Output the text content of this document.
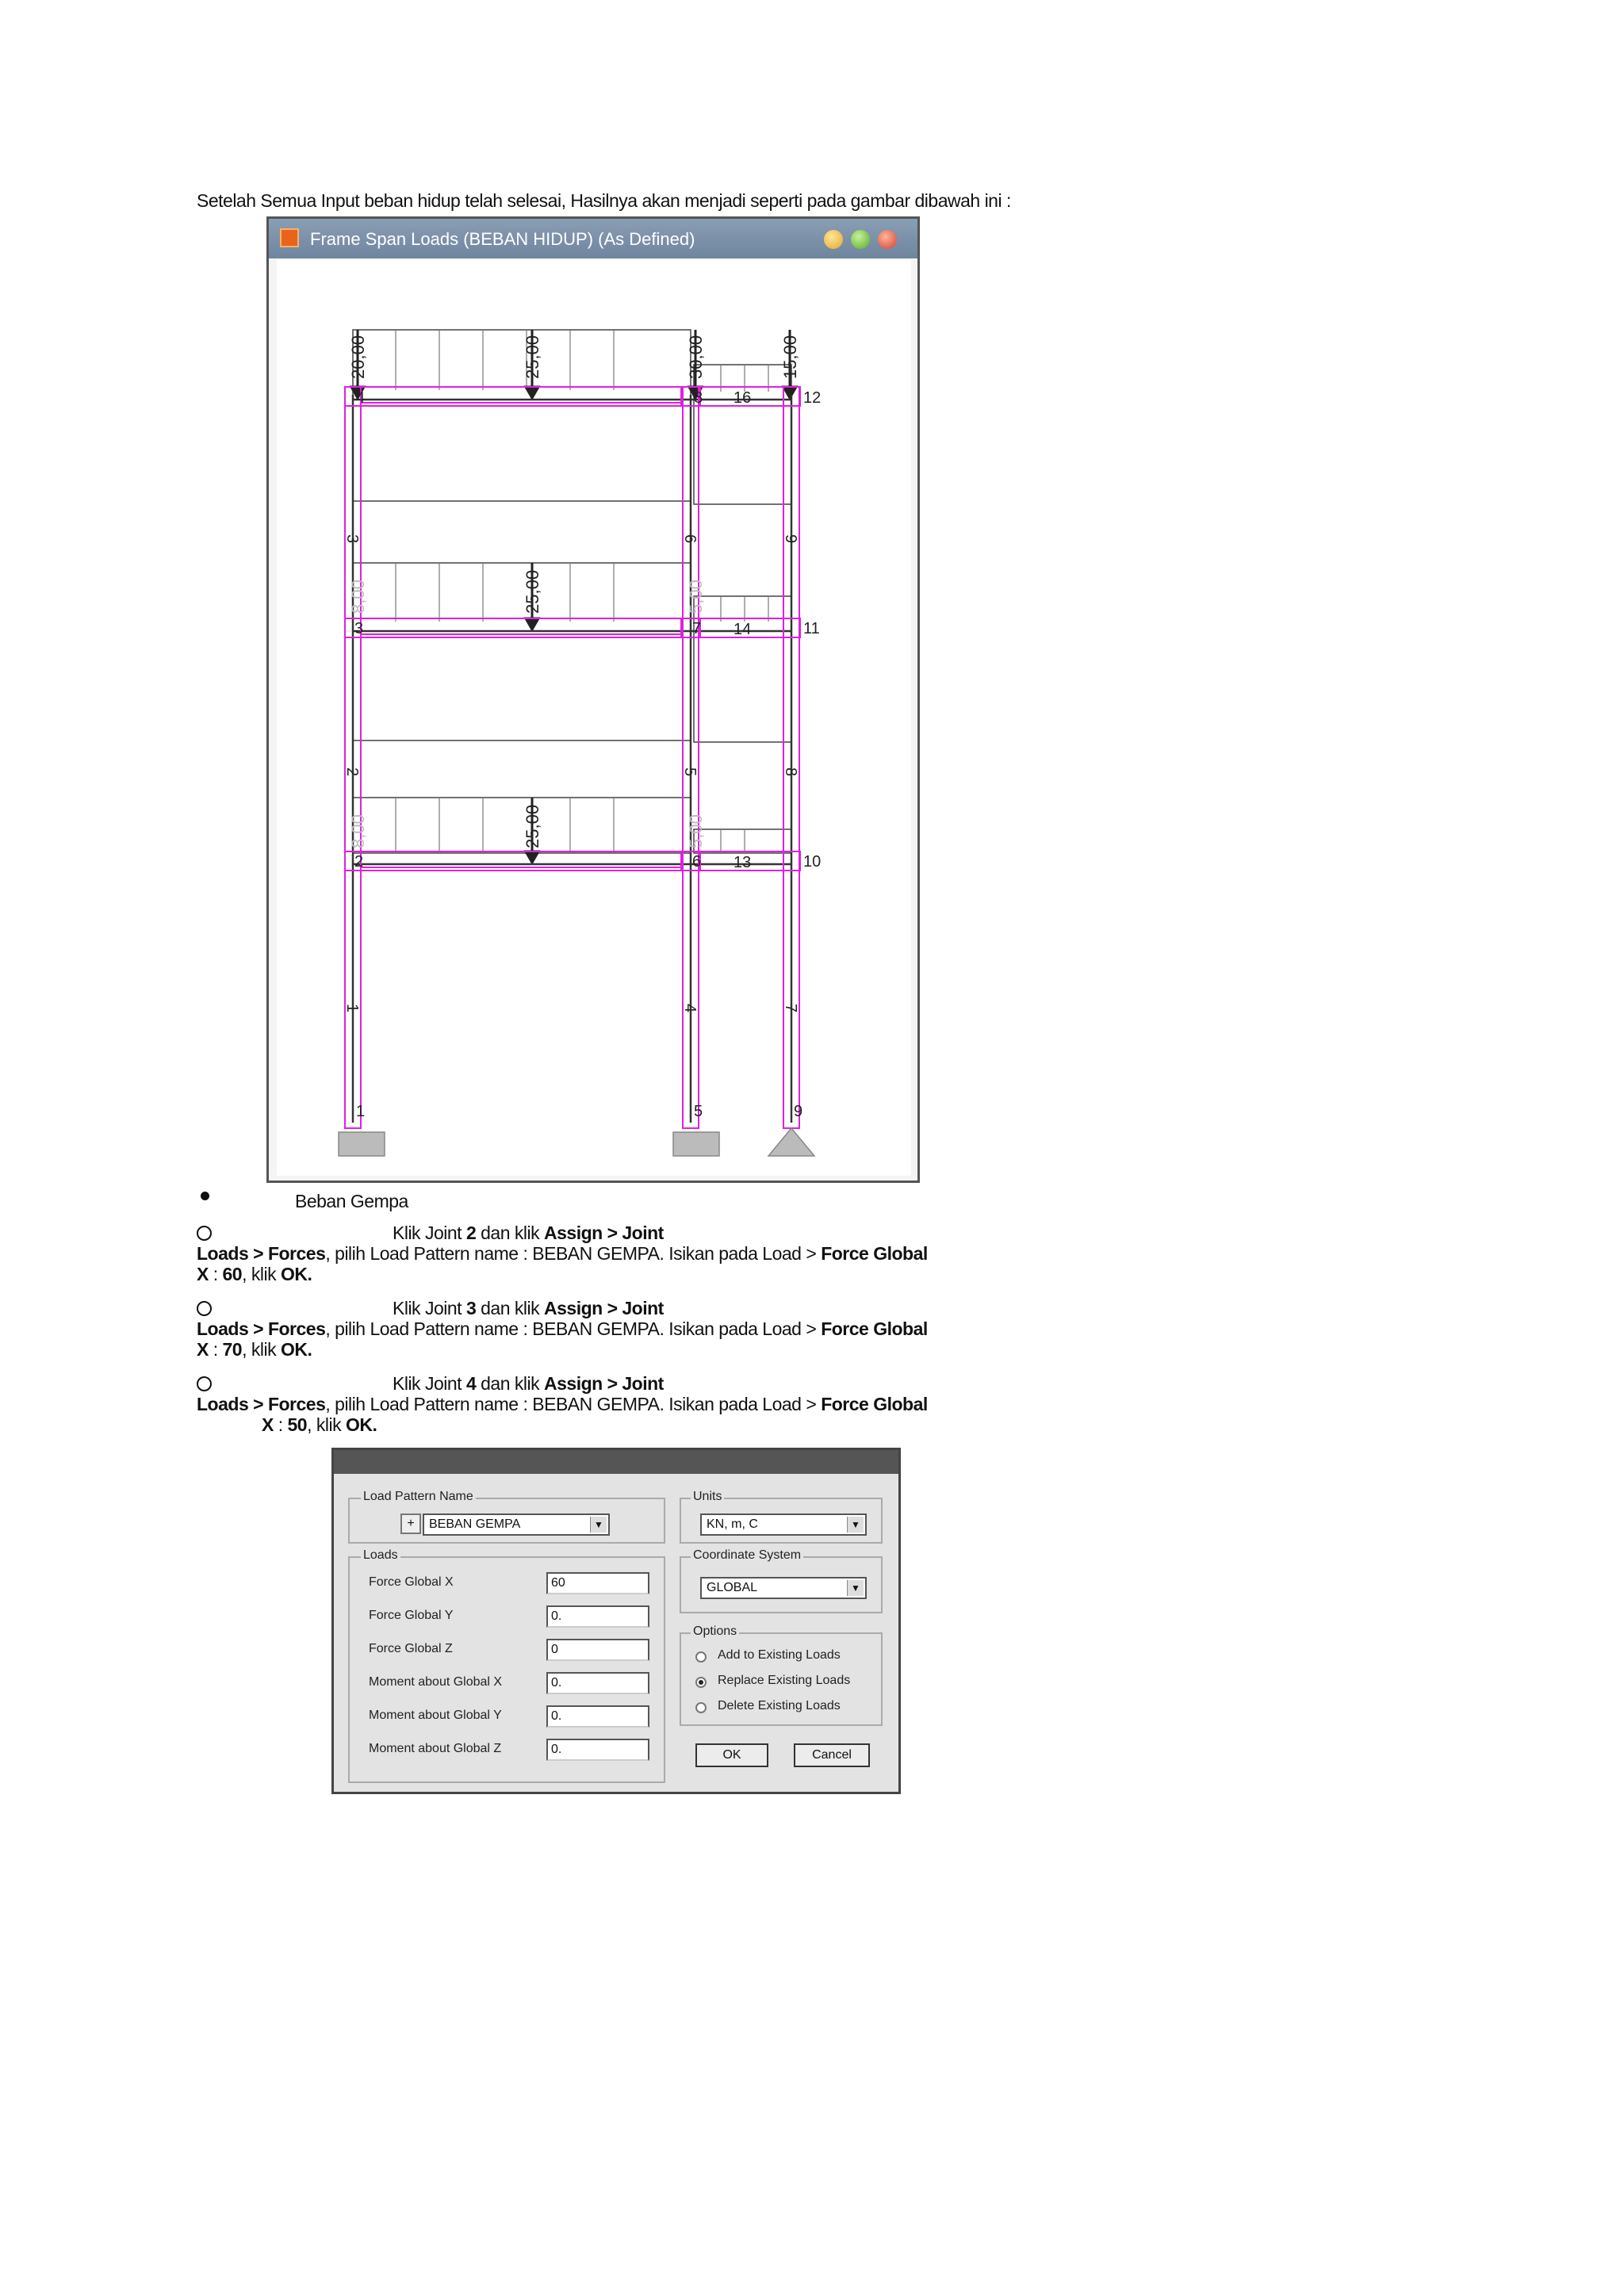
Setelah Semua Input beban hidup telah selesai, Hasilnya akan menjadi seperti pada gambar dibawah ini :
Frame Span Loads (BEBAN HIDUP) (As Defined)
20,00	25,00	30,00	15,00
8,00	25,00	5,00
8,00	25,00	5,00
1
2
3
4
5
6
7
8
9
10
11
12
1
2
3
4
5
6
7
8
9
13
14
16
Beban Gempa
Klik Joint 2 dan klik Assign > Joint
Loads > Forces, pilih Load Pattern name : BEBAN GEMPA. Isikan pada Load > Force Global
X : 60, klik OK.
Klik Joint 3 dan klik Assign > Joint
Loads > Forces, pilih Load Pattern name : BEBAN GEMPA. Isikan pada Load > Force Global
X : 70, klik OK.
Klik Joint 4 dan klik Assign > Joint
Loads > Forces, pilih Load Pattern name : BEBAN GEMPA. Isikan pada Load > Force Global
X : 50, klik OK.
Load Pattern Name
+	BEBAN GEMPA	▼
Units
KN, m, C	▼
Loads
Force Global X	60
Force Global Y	0.
Force Global Z	0
Moment about Global X	0.
Moment about Global Y	0.
Moment about Global Z	0.
Coordinate System
GLOBAL	▼
Options
Add to Existing Loads
Replace Existing Loads
Delete Existing Loads
OK	Cancel
